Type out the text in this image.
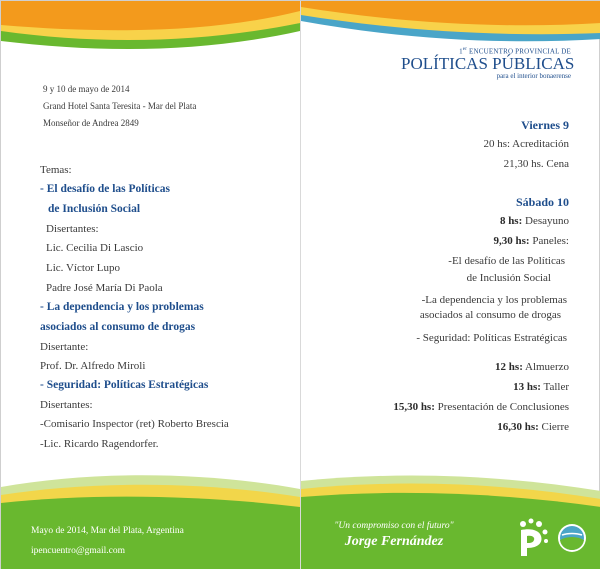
9 y 10 de mayo de 2014
Grand Hotel Santa Teresita - Mar del Plata
Monseñor de Andrea 2849
Temas:
- El desafío de las Políticas
de Inclusión Social
Disertantes:
Lic. Cecilia Di Lascio
Lic. Víctor Lupo
Padre José María Di Paola
- La dependencia y los problemas
asociados al consumo de drogas
Disertante:
Prof. Dr. Alfredo Miroli
- Seguridad: Políticas Estratégicas
Disertantes:
-Comisario Inspector (ret) Roberto Brescia
-Lic. Ricardo Ragendorfer.
1er ENCUENTRO PROVINCIAL DE
POLÍTICAS PÚBLICAS
para el interior bonaerense
Viernes 9
20 hs: Acreditación
21,30 hs. Cena
Sábado 10
8 hs: Desayuno
9,30 hs: Paneles:
-El desafío de las Políticas
de Inclusión Social
-La dependencia y los problemas
asociados al consumo de drogas
- Seguridad: Políticas Estratégicas
12 hs: Almuerzo
13 hs: Taller
15,30 hs: Presentación de Conclusiones
16,30 hs: Cierre
Mayo de 2014, Mar del Plata, Argentina
ipencuentro@gmail.com
"Un compromiso con el futuro"
Jorge Fernández
